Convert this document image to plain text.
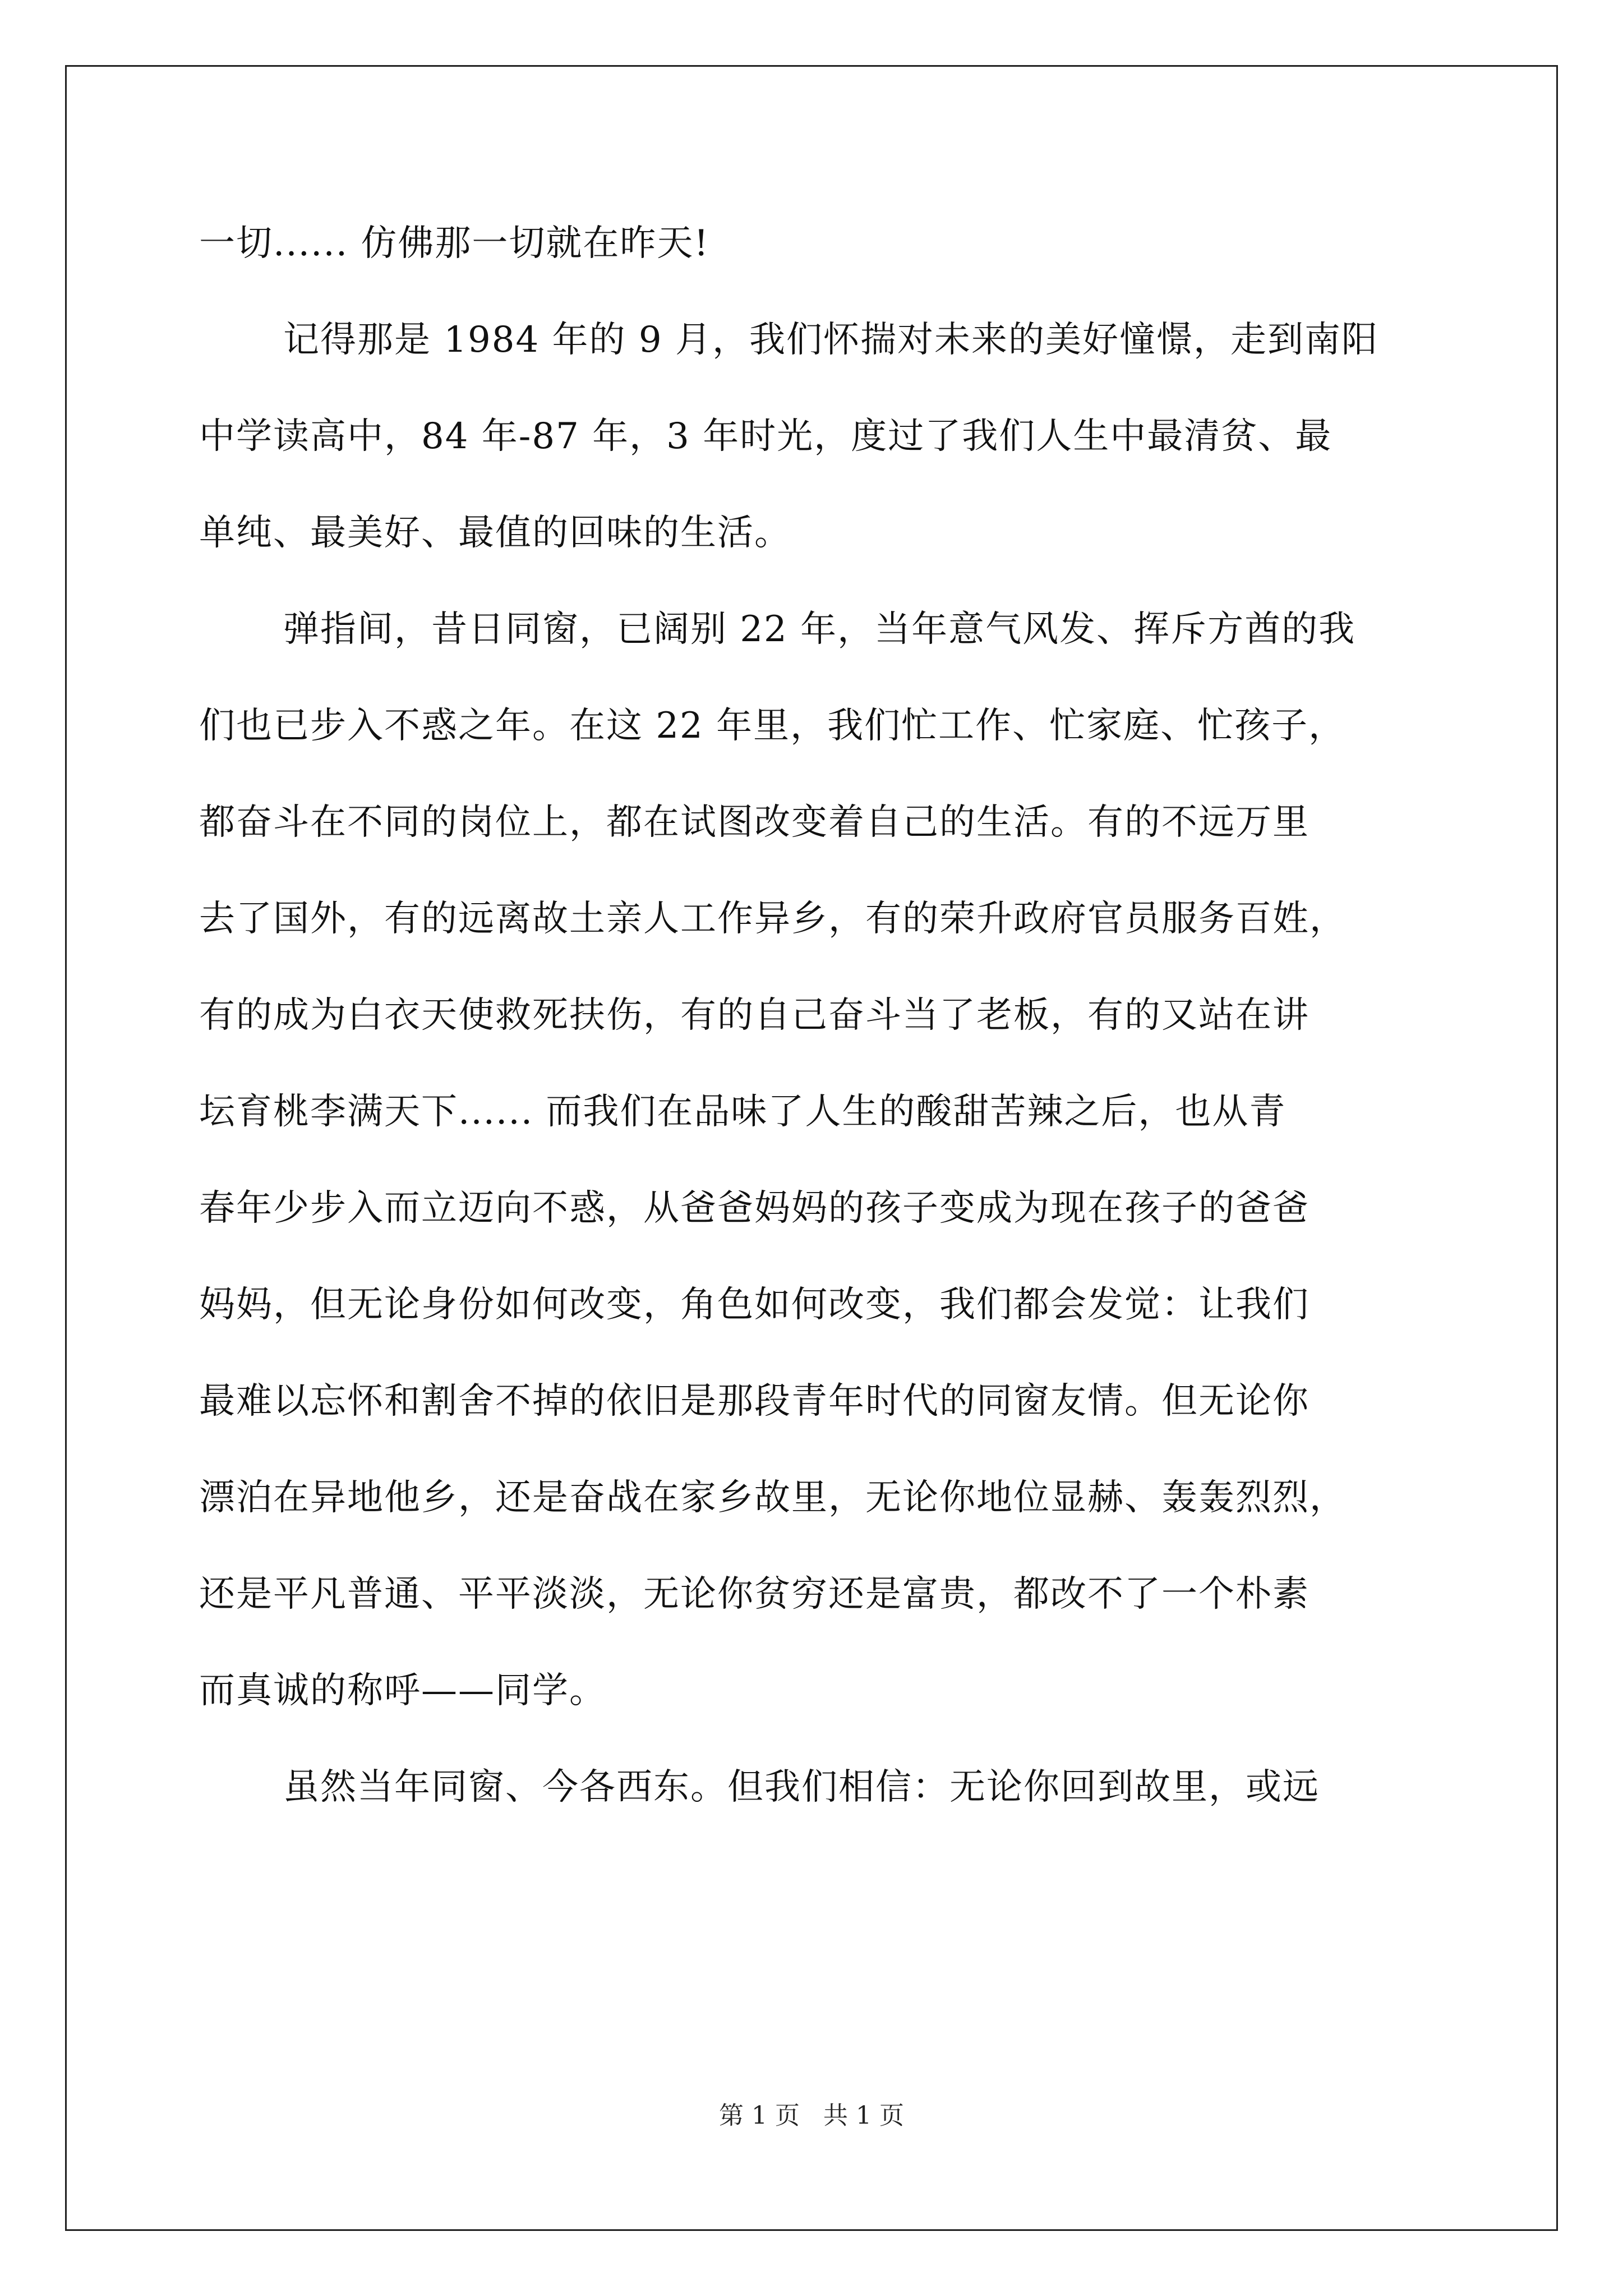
一切...... 仿佛那一切就在昨天!
记得那是 1984 年的 9 月，我们怀揣对未来的美好憧憬，走到南阳
中学读高中，84 年-87 年，3 年时光，度过了我们人生中最清贫、最
单纯、最美好、最值的回味的生活。
弹指间，昔日同窗，已阔别 22 年，当年意气风发、挥斥方酋的我
们也已步入不惑之年。在这 22 年里，我们忙工作、忙家庭、忙孩子，
都奋斗在不同的岗位上，都在试图改变着自己的生活。有的不远万里
去了国外，有的远离故土亲人工作异乡，有的荣升政府官员服务百姓，
有的成为白衣天使救死扶伤，有的自己奋斗当了老板，有的又站在讲
坛育桃李满天下...... 而我们在品味了人生的酸甜苦辣之后，也从青
春年少步入而立迈向不惑，从爸爸妈妈的孩子变成为现在孩子的爸爸
妈妈，但无论身份如何改变，角色如何改变，我们都会发觉：让我们
最难以忘怀和割舍不掉的依旧是那段青年时代的同窗友情。但无论你
漂泊在异地他乡，还是奋战在家乡故里，无论你地位显赫、轰轰烈烈，
还是平凡普通、平平淡淡，无论你贫穷还是富贵，都改不了一个朴素
而真诚的称呼——同学。
虽然当年同窗、今各西东。但我们相信：无论你回到故里，或远
第 1 页   共 1 页
